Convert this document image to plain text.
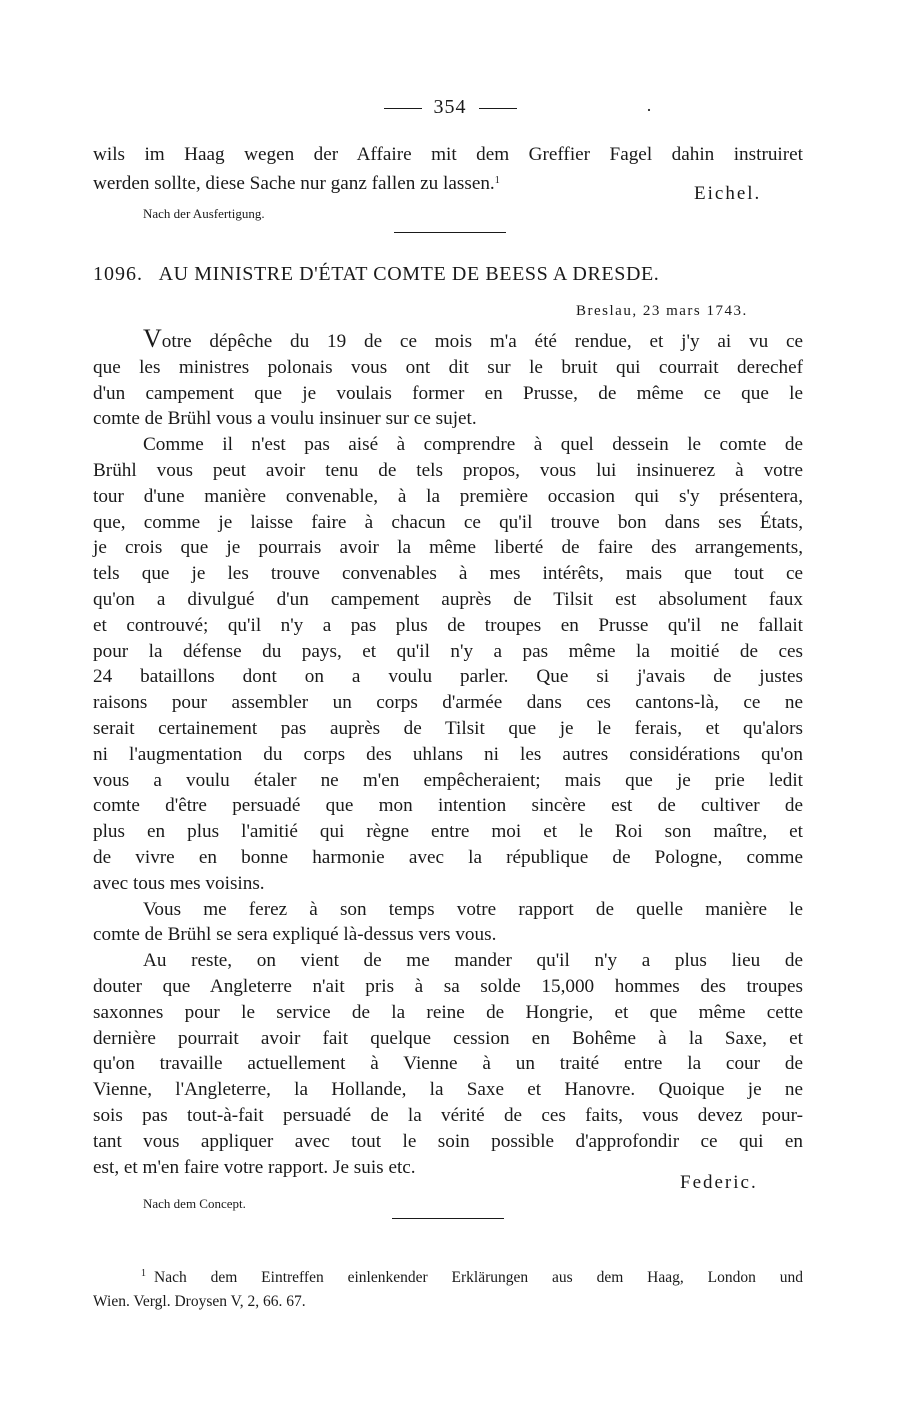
354	·
wils im Haag wegen der Affaire mit dem Greffier Fagel dahin instruiret
werden sollte, diese Sache nur ganz fallen zu lassen.$^1$
Eichel.
Nach der Ausfertigung.
1096. AU MINISTRE D'ÉTAT COMTE DE BEESS A DRESDE.
Breslau, 23 mars 1743.
Votre dépêche du 19 de ce mois m'a été rendue, et j'y ai vu ce
que les ministres polonais vous ont dit sur le bruit qui courrait derechef
d'un campement que je voulais former en Prusse, de même ce que le
comte de Brühl vous a voulu insinuer sur ce sujet.
Comme il n'est pas aisé à comprendre à quel dessein le comte de
Brühl vous peut avoir tenu de tels propos, vous lui insinuerez à votre
tour d'une manière convenable, à la première occasion qui s'y présentera,
que, comme je laisse faire à chacun ce qu'il trouve bon dans ses États,
je crois que je pourrais avoir la même liberté de faire des arrangements,
tels que je les trouve convenables à mes intérêts, mais que tout ce
qu'on a divulgué d'un campement auprès de Tilsit est absolument faux
et controuvé; qu'il n'y a pas plus de troupes en Prusse qu'il ne fallait
pour la défense du pays, et qu'il n'y a pas même la moitié de ces
24 bataillons dont on a voulu parler. Que si j'avais de justes
raisons pour assembler un corps d'armée dans ces cantons-là, ce ne
serait certainement pas auprès de Tilsit que je le ferais, et qu'alors
ni l'augmentation du corps des uhlans ni les autres considérations qu'on
vous a voulu étaler ne m'en empêcheraient; mais que je prie ledit
comte d'être persuadé que mon intention sincère est de cultiver de
plus en plus l'amitié qui règne entre moi et le Roi son maître, et
de vivre en bonne harmonie avec la république de Pologne, comme
avec tous mes voisins.
Vous me ferez à son temps votre rapport de quelle manière le
comte de Brühl se sera expliqué là-dessus vers vous.
Au reste, on vient de me mander qu'il n'y a plus lieu de
douter que Angleterre n'ait pris à sa solde 15,000 hommes des troupes
saxonnes pour le service de la reine de Hongrie, et que même cette
dernière pourrait avoir fait quelque cession en Bohême à la Saxe, et
qu'on travaille actuellement à Vienne à un traité entre la cour de
Vienne, l'Angleterre, la Hollande, la Saxe et Hanovre. Quoique je ne
sois pas tout-à-fait persuadé de la vérité de ces faits, vous devez pour-
tant vous appliquer avec tout le soin possible d'approfondir ce qui en
est, et m'en faire votre rapport. Je suis etc.
Federic.
Nach dem Concept.
$^1$ Nach dem Eintreffen einlenkender Erklärungen aus dem Haag, London und
Wien. Vergl. Droysen V, 2, 66. 67.
